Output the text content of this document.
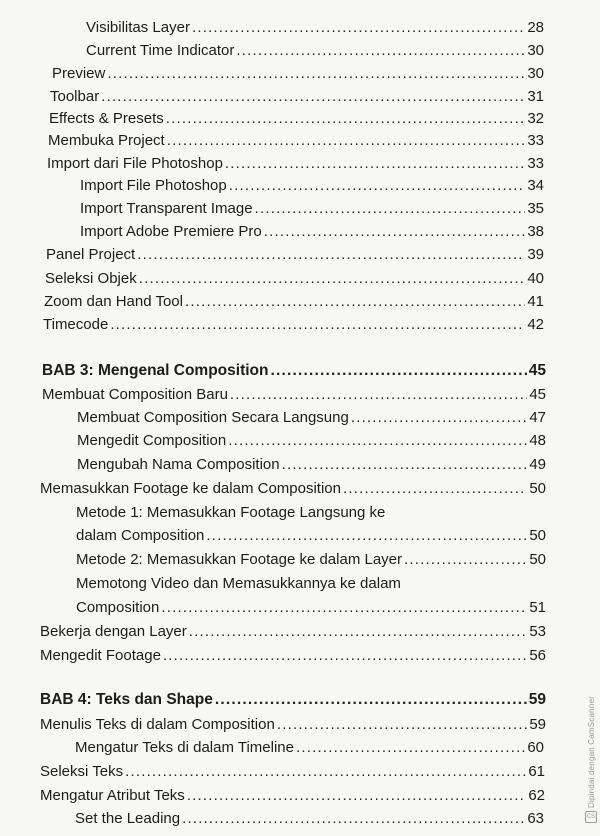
Visibilitas Layer .....	28
Current Time Indicator .....	30
Preview .....	30
Toolbar .....	31
Effects & Presets .....	32
Membuka Project .....	33
Import dari File Photoshop .....	33
Import File Photoshop .....	34
Import Transparent Image .....	35
Import Adobe Premiere Pro .....	38
Panel Project .....	39
Seleksi Objek .....	40
Zoom dan Hand Tool .....	41
Timecode .....	42
BAB 3: Mengenal Composition .....	45
Membuat Composition Baru .....	45
Membuat Composition Secara Langsung .....	47
Mengedit Composition .....	48
Mengubah Nama Composition .....	49
Memasukkan Footage ke dalam Composition .....	50
Metode 1: Memasukkan Footage Langsung ke
dalam Composition .....	50
Metode 2: Memasukkan Footage ke dalam Layer .....	50
Memotong Video dan Memasukkannya ke dalam
Composition .....	51
Bekerja dengan Layer .....	53
Mengedit Footage .....	56
BAB 4: Teks dan Shape .....	59
Menulis Teks di dalam Composition .....	59
Mengatur Teks di dalam Timeline .....	60
Seleksi Teks .....	61
Mengatur Atribut Teks .....	62
Set the Leading .....	63
Dipindai dengan CamScanner
CS
